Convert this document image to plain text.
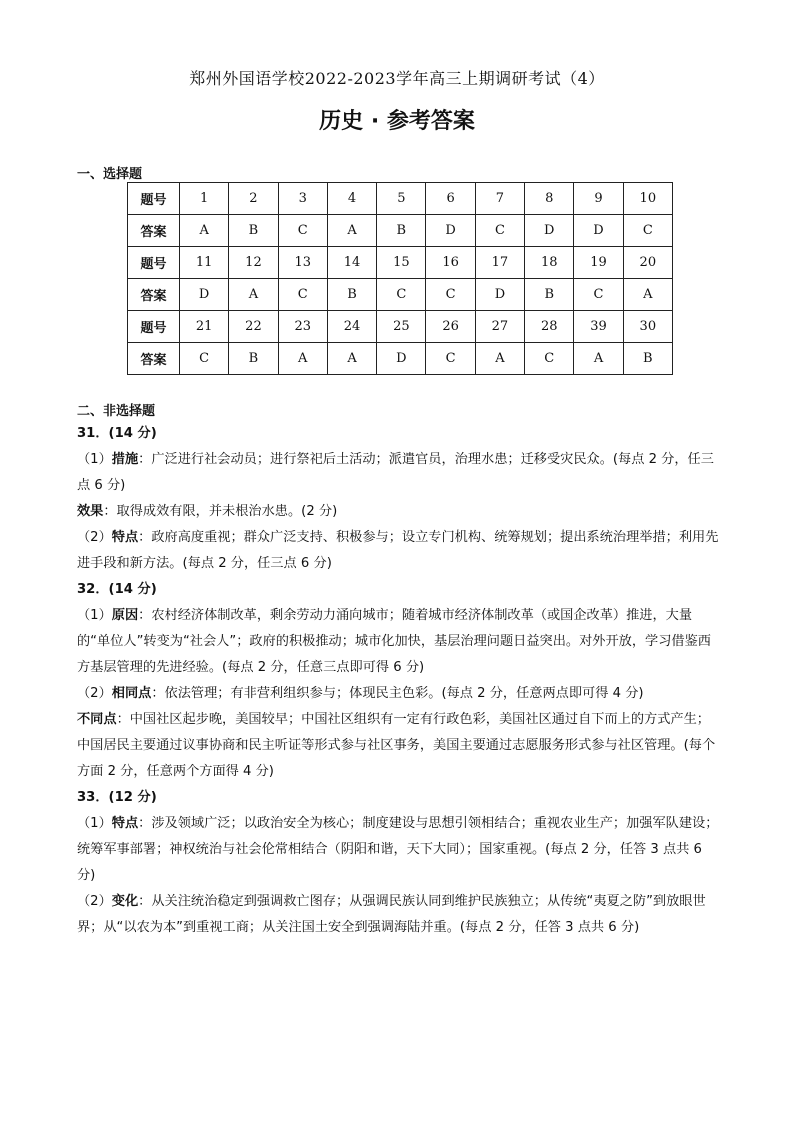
郑州外国语学校2022-2023学年高三上期调研考试（4）
历史 · 参考答案
一、选择题
题号	1	2	3	4	5	6	7	8	9	10
答案	A	B	C	A	B	D	C	D	D	C
题号	11	12	13	14	15	16	17	18	19	20
答案	D	A	C	B	C	C	D	B	C	A
题号	21	22	23	24	25	26	27	28	39	30
答案	C	B	A	A	D	C	A	C	A	B
二、非选择题
31．(14 分)
（1）措施：广泛进行社会动员；进行祭祀后土活动；派遣官员，治理水患；迁移受灾民众。(每点 2 分，任三点 6 分)
效果：取得成效有限，并未根治水患。(2 分)
（2）特点：政府高度重视；群众广泛支持、积极参与；设立专门机构、统筹规划；提出系统治理举措；利用先进手段和新方法。(每点 2 分，任三点 6 分)
32．(14 分)
（1）原因：农村经济体制改革，剩余劳动力涌向城市；随着城市经济体制改革（或国企改革）推进，大量的“单位人”转变为“社会人”；政府的积极推动；城市化加快，基层治理问题日益突出。对外开放，学习借鉴西方基层管理的先进经验。(每点 2 分，任意三点即可得 6 分)
（2）相同点：依法管理；有非营利组织参与；体现民主色彩。(每点 2 分，任意两点即可得 4 分)
不同点：中国社区起步晚，美国较早；中国社区组织有一定有行政色彩，美国社区通过自下而上的方式产生；中国居民主要通过议事协商和民主听证等形式参与社区事务，美国主要通过志愿服务形式参与社区管理。(每个方面 2 分，任意两个方面得 4 分)
33．(12 分)
（1）特点：涉及领域广泛；以政治安全为核心；制度建设与思想引领相结合；重视农业生产；加强军队建设；统筹军事部署；神权统治与社会伦常相结合（阴阳和谐，天下大同）；国家重视。(每点 2 分，任答 3 点共 6 分)
（2）变化：从关注统治稳定到强调救亡图存；从强调民族认同到维护民族独立；从传统“夷夏之防”到放眼世界；从“以农为本”到重视工商；从关注国土安全到强调海陆并重。(每点 2 分，任答 3 点共 6 分)
